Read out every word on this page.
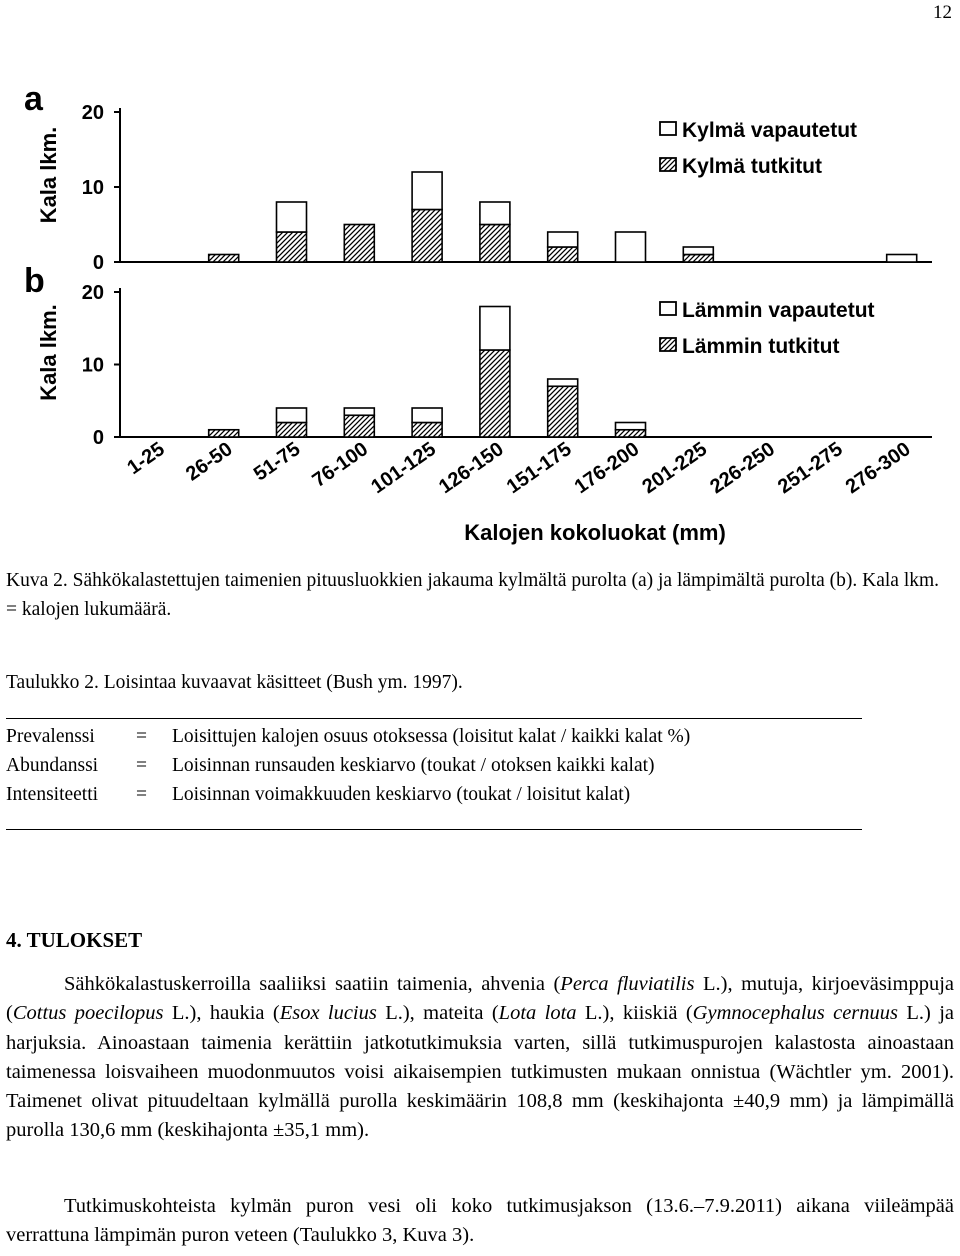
12
0
10
20
a
Kala lkm.	Kylmä vapautetut
Kylmä tutkitut
0
10
20
b
Kala lkm.	Lämmin vapautetut
Lämmin tutkitut
1-25 26-50 51-75 76-100
101-125
126-150
151-175
176-200
201-225
226-250
251-275
276-300
Kalojen kokoluokat (mm)
Kuva 2. Sähkökalastettujen taimenien pituusluokkien jakauma kylmältä purolta (a) ja lämpimältä purolta (b). Kala lkm. = kalojen lukumäärä.
Taulukko 2. Loisintaa kuvaavat käsitteet (Bush ym. 1997).
Prevalenssi	=	Loisittujen kalojen osuus otoksessa (loisitut kalat / kaikki kalat %)
Abundanssi	=	Loisinnan runsauden keskiarvo (toukat / otoksen kaikki kalat)
Intensiteetti	=	Loisinnan voimakkuuden keskiarvo (toukat / loisitut kalat)
4. TULOKSET

Sähkökalastuskerroilla saaliiksi saatiin taimenia, ahvenia (Perca fluviatilis L.), mutuja, kirjoeväsimppuja (Cottus poecilopus L.), haukia (Esox lucius L.), mateita (Lota lota L.), kiiskiä (Gymnocephalus cernuus L.) ja harjuksia. Ainoastaan taimenia kerättiin jatkotutkimuksia varten, sillä tutkimuspurojen kalastosta ainoastaan taimenessa loisvaiheen muodonmuutos voisi aikaisempien tutkimusten mukaan onnistua (Wächtler ym. 2001). Taimenet olivat pituudeltaan kylmällä purolla keskimäärin 108,8 mm (keskihajonta ±40,9 mm) ja lämpimällä purolla 130,6 mm (keskihajonta ±35,1 mm).

Tutkimuskohteista kylmän puron vesi oli koko tutkimusjakson (13.6.–7.9.2011) aikana viileämpää verrattuna lämpimän puron veteen (Taulukko 3, Kuva 3).
